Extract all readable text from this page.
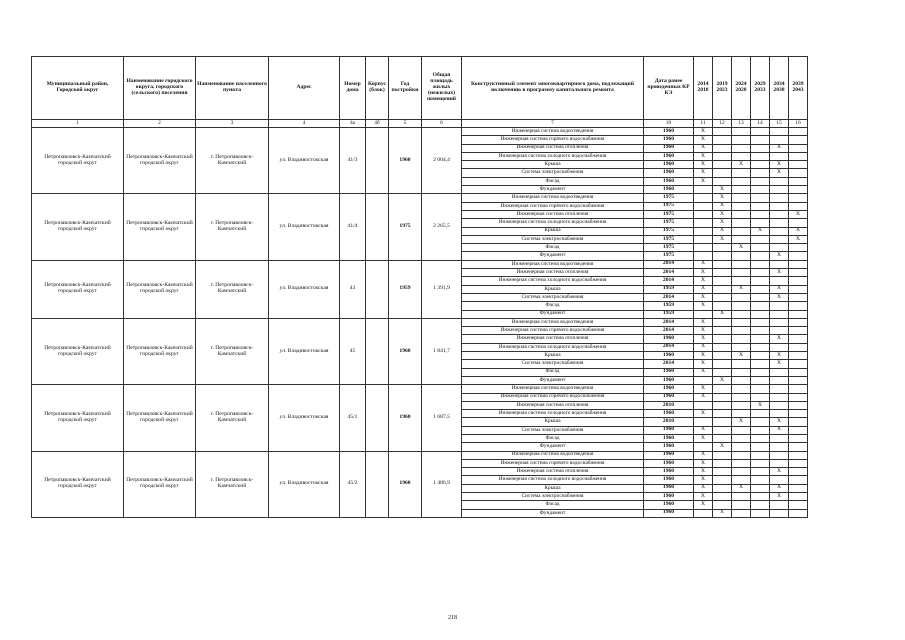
Муниципальный район, Городской округ	Наименование городского округа, городского (сельского) поселения	Наименование населенного пункта	Адрес	Номер дома	Корпус (блок)	Год постройки	Общая площадь жилых (нежилых) помещений	Конструктивный элемент многоквартирного дома, подлежащий включению в программу капитального ремонта	Дата ранее проведенных КР КЭ	2014 2018	2019 2023	2024 2028	2029 2033	2034 2038	2039 2043
1	2	3	4	4а	4б	5	6	7	10	11	12	13	14	15	16
Петропавловск-Камчатский городской округ	Петропавловск-Камчатский городской округ	г. Петропавловск-Камчатский	ул. Владивостокская	41/3		1960	2 004,4	Инженерная система водоотведения	1960	X					
								Инженерная система горячего водоснабжения	1960	X					
								Инженерная система отопления	1960	X				X	
								Инженерная система холодного водоснабжения	1960	X					
								Крыша	1960	X		X		X	
								Система электроснабжения	1960	X				X	
								Фасад	1960	X					
								Фундамент	1960		X				
Петропавловск-Камчатский городской округ	Петропавловск-Камчатский городской округ	г. Петропавловск-Камчатский	ул. Владивостокская	41/4		1975	2 265,5	Инженерная система водоотведения	1975		X				
								Инженерная система горячего водоснабжения	1975		X				
								Инженерная система отопления	1975		X				X
								Инженерная система холодного водоснабжения	1975		X				
								Крыша	1975		X		X		X
								Система электроснабжения	1975		X				X
								Фасад	1975			X			
								Фундамент	1975					X	
Петропавловск-Камчатский городской округ	Петропавловск-Камчатский городской округ	г. Петропавловск-Камчатский	ул. Владивостокская	43		1959	1 391,9	Инженерная система водоотведения	2014	X					
								Инженерная система отопления	2014	X				X	
								Инженерная система холодного водоснабжения	2014	X					
								Крыша	1959	X		X		X	
								Система электроснабжения	2014	X				X	
								Фасад	1959	X					
								Фундамент	1959		X				
Петропавловск-Камчатский городской округ	Петропавловск-Камчатский городской округ	г. Петропавловск-Камчатский	ул. Владивостокская	45		1960	1 841,7	Инженерная система водоотведения	2014	X					
								Инженерная система горячего водоснабжения	2014	X					
								Инженерная система отопления	1960	X				X	
								Инженерная система холодного водоснабжения	2014	X					
								Крыша	1960	X		X		X	
								Система электроснабжения	2014	X				X	
								Фасад	1960	X					
								Фундамент	1960		X				
Петропавловск-Камчатский городской округ	Петропавловск-Камчатский городской округ	г. Петропавловск-Камчатский	ул. Владивостокская	45/1		1960	1 687,5	Инженерная система водоотведения	1960	X					
								Инженерная система горячего водоснабжения	1960	X					
								Инженерная система отопления	2010				X		
								Инженерная система холодного водоснабжения	1960	X					
								Крыша	2010			X		X	
								Система электроснабжения	1960	X				X	
								Фасад	1960	X					
								Фундамент	1960		X				
Петропавловск-Камчатский городской округ	Петропавловск-Камчатский городской округ	г. Петропавловск-Камчатский	ул. Владивостокская	45/2		1960	1 486,9	Инженерная система водоотведения	1960	X					
								Инженерная система горячего водоснабжения	1960	X					
								Инженерная система отопления	1960	X				X	
								Инженерная система холодного водоснабжения	1960	X					
								Крыша	1960	X		X		X	
								Система электроснабжения	1960	X				X	
								Фасад	1960	X					
								Фундамент	1960		X				
218
